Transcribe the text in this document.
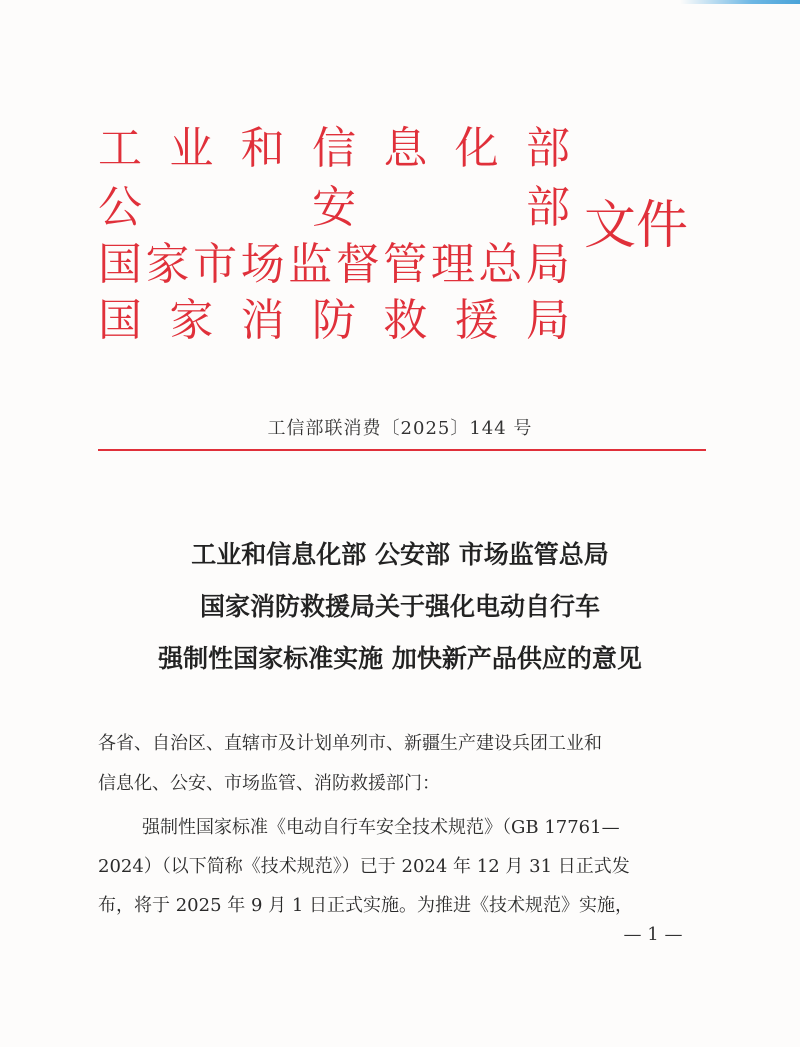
工 业 和 信 息 化 部
公	安	部
国 家 市 场 监 督 管 理 总 局
国 家 消 防 救 援 局
文件
工信部联消费〔2025〕144 号
工业和信息化部 公安部 市场监管总局
国家消防救援局关于强化电动自行车
强制性国家标准实施 加快新产品供应的意见
各省、自治区、直辖市及计划单列市、新疆生产建设兵团工业和
信息化、公安、市场监管、消防救援部门：
强制性国家标准《电动自行车安全技术规范》（GB 17761—
2024）（以下简称《技术规范》）已于 2024 年 12 月 31 日正式发
布，将于 2025 年 9 月 1 日正式实施。为推进《技术规范》实施，
— 1 —
